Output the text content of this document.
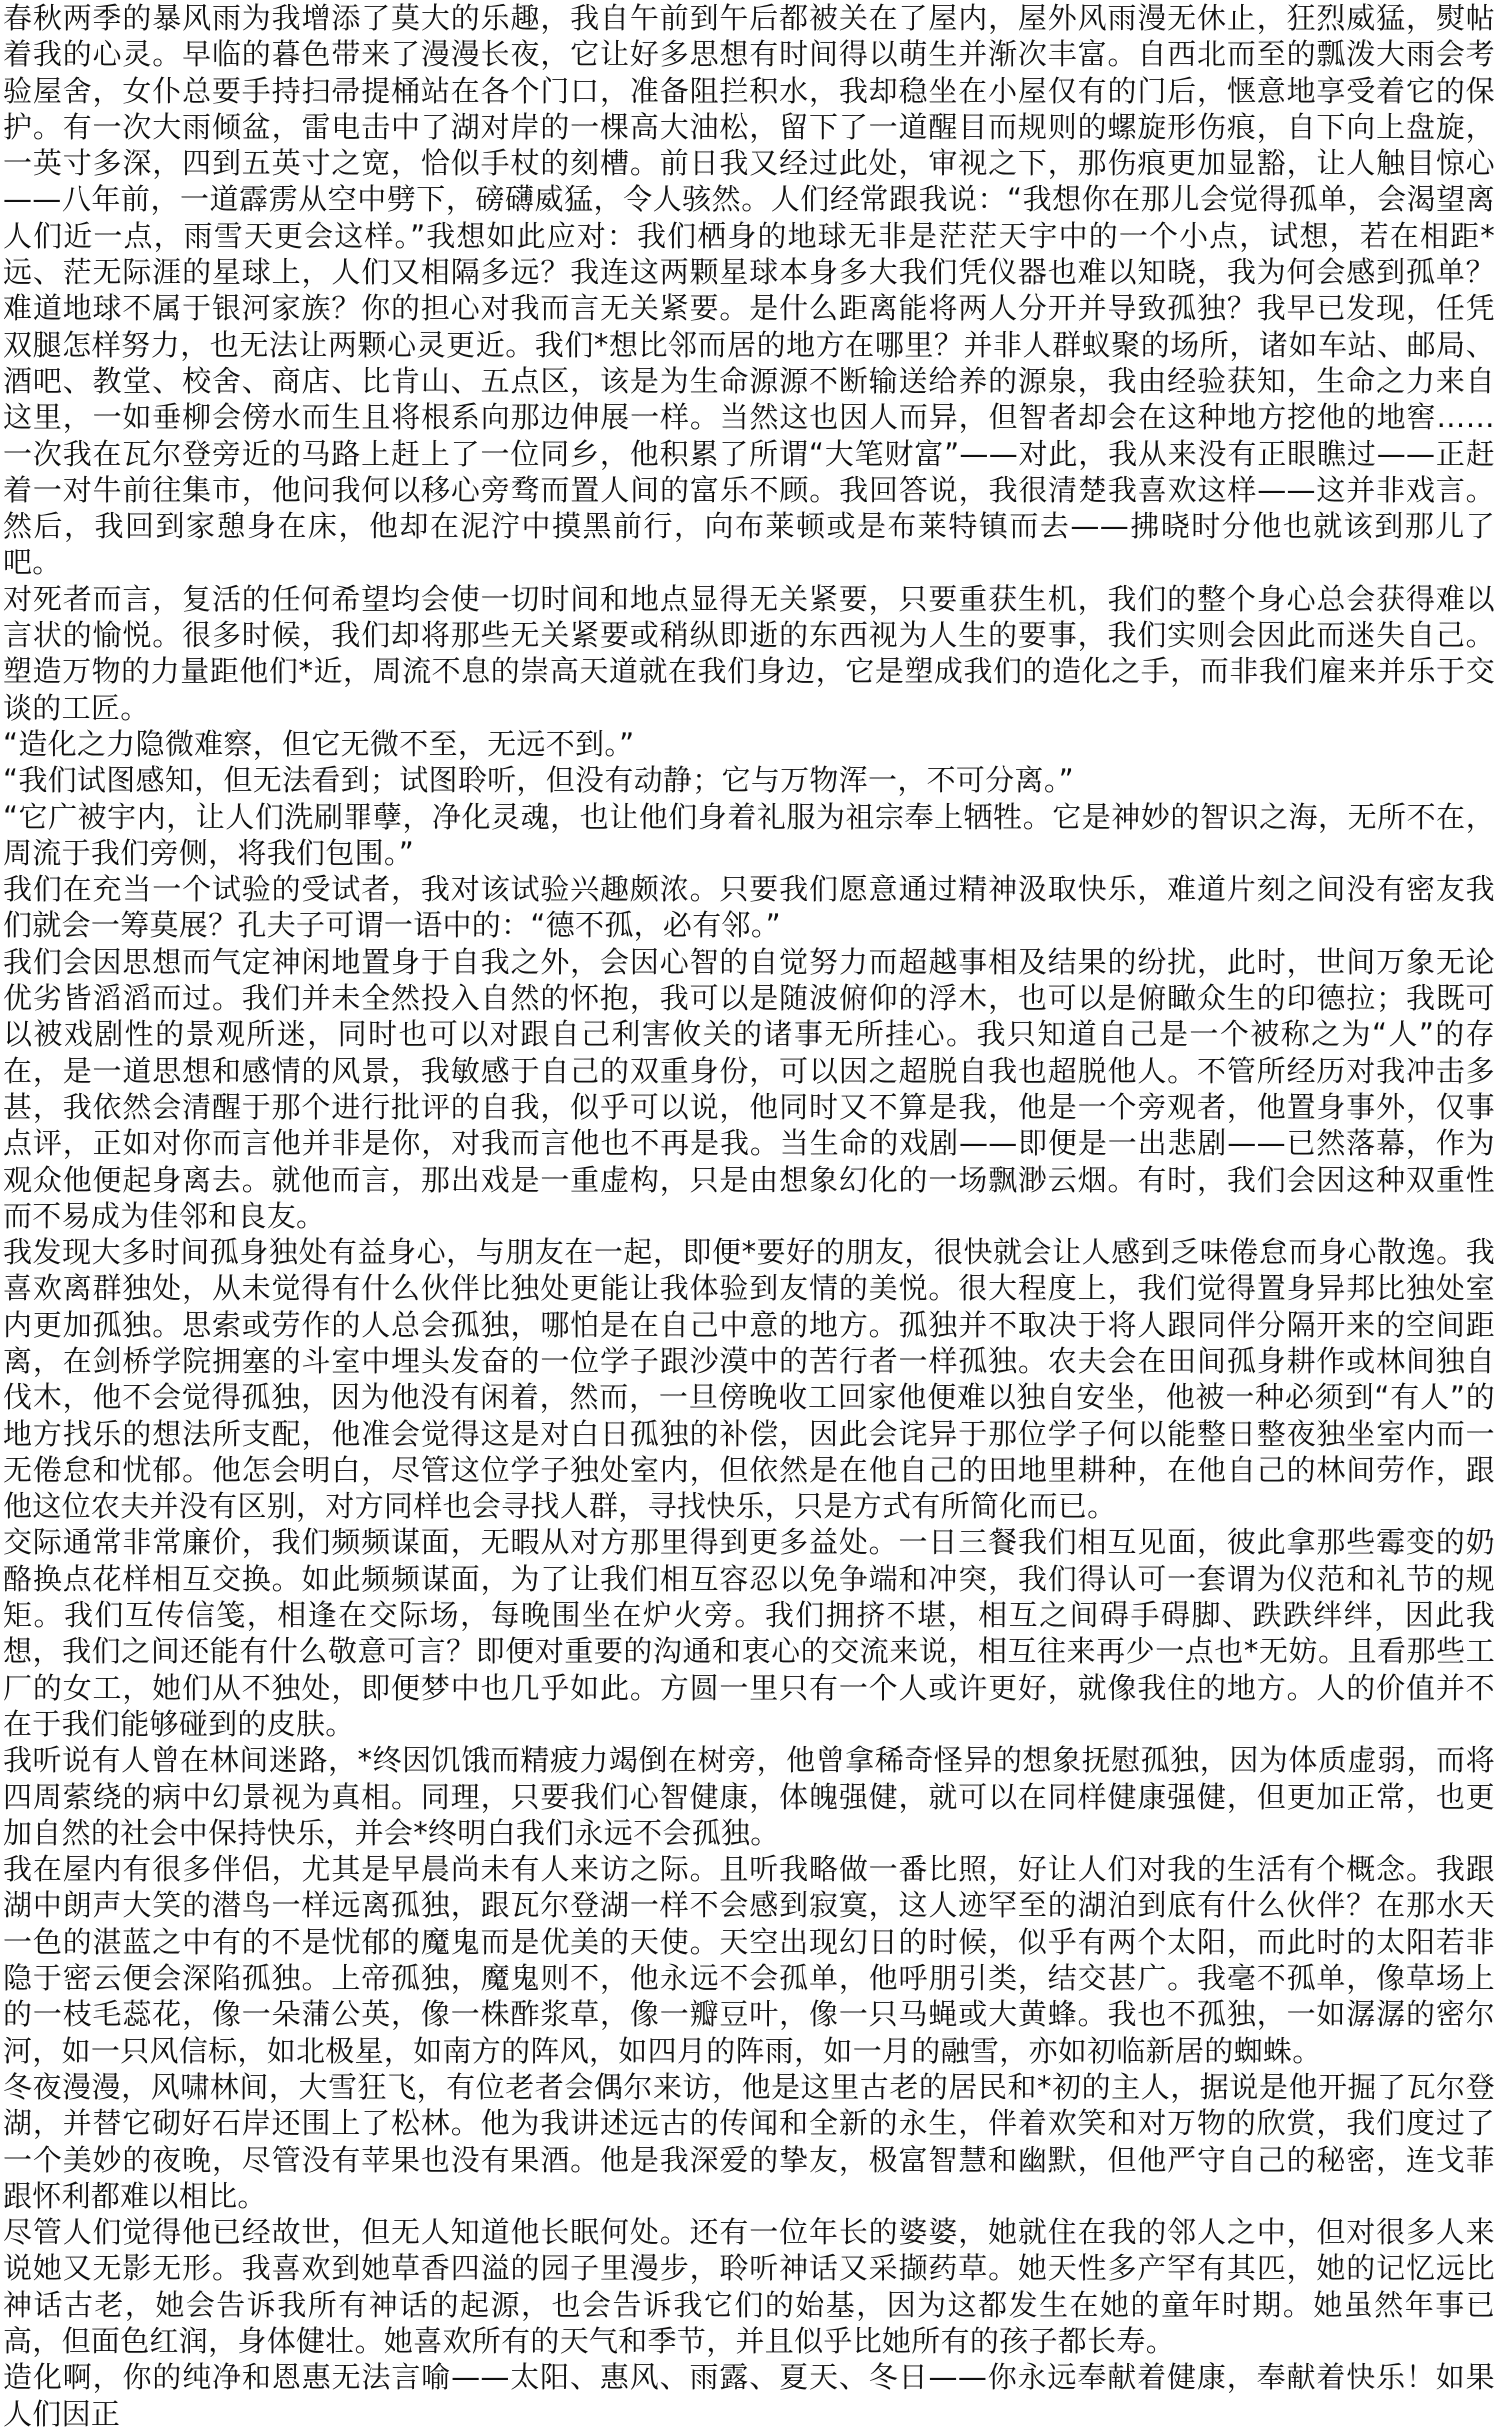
春秋两季的暴风雨为我增添了莫大的乐趣，我自午前到午后都被关在了屋内，屋外风雨漫无休止，狂烈威猛，熨帖着我的心灵。早临的暮色带来了漫漫长夜，它让好多思想有时间得以萌生并渐次丰富。自西北而至的瓢泼大雨会考验屋舍，女仆总要手持扫帚提桶站在各个门口，准备阻拦积水，我却稳坐在小屋仅有的门后，惬意地享受着它的保护。有一次大雨倾盆，雷电击中了湖对岸的一棵高大油松，留下了一道醒目而规则的螺旋形伤痕，自下向上盘旋，一英寸多深，四到五英寸之宽，恰似手杖的刻槽。前日我又经过此处，审视之下，那伤痕更加显豁，让人触目惊心——八年前，一道霹雳从空中劈下，磅礴威猛，令人骇然。人们经常跟我说：“我想你在那儿会觉得孤单，会渴望离人们近一点，雨雪天更会这样。”我想如此应对：我们栖身的地球无非是茫茫天宇中的一个小点，试想，若在相距*远、茫无际涯的星球上，人们又相隔多远？我连这两颗星球本身多大我们凭仪器也难以知晓，我为何会感到孤单？难道地球不属于银河家族？你的担心对我而言无关紧要。是什么距离能将两人分开并导致孤独？我早已发现，任凭双腿怎样努力，也无法让两颗心灵更近。我们*想比邻而居的地方在哪里？并非人群蚁聚的场所，诸如车站、邮局、酒吧、教堂、校舍、商店、比肯山、五点区，该是为生命源源不断输送给养的源泉，我由经验获知，生命之力来自这里，一如垂柳会傍水而生且将根系向那边伸展一样。当然这也因人而异，但智者却会在这种地方挖他的地窖……一次我在瓦尔登旁近的马路上赶上了一位同乡，他积累了所谓“大笔财富”——对此，我从来没有正眼瞧过——正赶着一对牛前往集市，他问我何以移心旁骛而置人间的富乐不顾。我回答说，我很清楚我喜欢这样——这并非戏言。然后，我回到家憩身在床，他却在泥泞中摸黑前行，向布莱顿或是布莱特镇而去——拂晓时分他也就该到那儿了吧。

对死者而言，复活的任何希望均会使一切时间和地点显得无关紧要，只要重获生机，我们的整个身心总会获得难以言状的愉悦。很多时候，我们却将那些无关紧要或稍纵即逝的东西视为人生的要事，我们实则会因此而迷失自己。塑造万物的力量距他们*近，周流不息的崇高天道就在我们身边，它是塑成我们的造化之手，而非我们雇来并乐于交谈的工匠。

“造化之力隐微难察，但它无微不至，无远不到。”

“我们试图感知，但无法看到；试图聆听，但没有动静；它与万物浑一，不可分离。”

“它广被宇内，让人们洗刷罪孽，净化灵魂，也让他们身着礼服为祖宗奉上牺牲。它是神妙的智识之海，无所不在，周流于我们旁侧，将我们包围。”

我们在充当一个试验的受试者，我对该试验兴趣颇浓。只要我们愿意通过精神汲取快乐，难道片刻之间没有密友我们就会一筹莫展？孔夫子可谓一语中的：“德不孤，必有邻。”

我们会因思想而气定神闲地置身于自我之外，会因心智的自觉努力而超越事相及结果的纷扰，此时，世间万象无论优劣皆滔滔而过。我们并未全然投入自然的怀抱，我可以是随波俯仰的浮木，也可以是俯瞰众生的印德拉；我既可以被戏剧性的景观所迷，同时也可以对跟自己利害攸关的诸事无所挂心。我只知道自己是一个被称之为“人”的存在，是一道思想和感情的风景，我敏感于自己的双重身份，可以因之超脱自我也超脱他人。不管所经历对我冲击多甚，我依然会清醒于那个进行批评的自我，似乎可以说，他同时又不算是我，他是一个旁观者，他置身事外，仅事点评，正如对你而言他并非是你，对我而言他也不再是我。当生命的戏剧——即便是一出悲剧——已然落幕，作为观众他便起身离去。就他而言，那出戏是一重虚构，只是由想象幻化的一场飘渺云烟。有时，我们会因这种双重性而不易成为佳邻和良友。

我发现大多时间孤身独处有益身心，与朋友在一起，即便*要好的朋友，很快就会让人感到乏味倦怠而身心散逸。我喜欢离群独处，从未觉得有什么伙伴比独处更能让我体验到友情的美悦。很大程度上，我们觉得置身异邦比独处室内更加孤独。思索或劳作的人总会孤独，哪怕是在自己中意的地方。孤独并不取决于将人跟同伴分隔开来的空间距离，在剑桥学院拥塞的斗室中埋头发奋的一位学子跟沙漠中的苦行者一样孤独。农夫会在田间孤身耕作或林间独自伐木，他不会觉得孤独，因为他没有闲着，然而，一旦傍晚收工回家他便难以独自安坐，他被一种必须到“有人”的地方找乐的想法所支配，他准会觉得这是对白日孤独的补偿，因此会诧异于那位学子何以能整日整夜独坐室内而一无倦怠和忧郁。他怎会明白，尽管这位学子独处室内，但依然是在他自己的田地里耕种，在他自己的林间劳作，跟他这位农夫并没有区别，对方同样也会寻找人群，寻找快乐，只是方式有所简化而已。

交际通常非常廉价，我们频频谋面，无暇从对方那里得到更多益处。一日三餐我们相互见面，彼此拿那些霉变的奶酪换点花样相互交换。如此频频谋面，为了让我们相互容忍以免争端和冲突，我们得认可一套谓为仪范和礼节的规矩。我们互传信笺，相逢在交际场，每晚围坐在炉火旁。我们拥挤不堪，相互之间碍手碍脚、跌跌绊绊，因此我想，我们之间还能有什么敬意可言？即便对重要的沟通和衷心的交流来说，相互往来再少一点也*无妨。且看那些工厂的女工，她们从不独处，即便梦中也几乎如此。方圆一里只有一个人或许更好，就像我住的地方。人的价值并不在于我们能够碰到的皮肤。

我听说有人曾在林间迷路，*终因饥饿而精疲力竭倒在树旁，他曾拿稀奇怪异的想象抚慰孤独，因为体质虚弱，而将四周萦绕的病中幻景视为真相。同理，只要我们心智健康，体魄强健，就可以在同样健康强健，但更加正常，也更加自然的社会中保持快乐，并会*终明白我们永远不会孤独。

我在屋内有很多伴侣，尤其是早晨尚未有人来访之际。且听我略做一番比照，好让人们对我的生活有个概念。我跟湖中朗声大笑的潜鸟一样远离孤独，跟瓦尔登湖一样不会感到寂寞，这人迹罕至的湖泊到底有什么伙伴？在那水天一色的湛蓝之中有的不是忧郁的魔鬼而是优美的天使。天空出现幻日的时候，似乎有两个太阳，而此时的太阳若非隐于密云便会深陷孤独。上帝孤独，魔鬼则不，他永远不会孤单，他呼朋引类，结交甚广。我毫不孤单，像草场上的一枝毛蕊花，像一朵蒲公英，像一株酢浆草，像一瓣豆叶，像一只马蝇或大黄蜂。我也不孤独，一如潺潺的密尔河，如一只风信标，如北极星，如南方的阵风，如四月的阵雨，如一月的融雪，亦如初临新居的蜘蛛。

冬夜漫漫，风啸林间，大雪狂飞，有位老者会偶尔来访，他是这里古老的居民和*初的主人，据说是他开掘了瓦尔登湖，并替它砌好石岸还围上了松林。他为我讲述远古的传闻和全新的永生，伴着欢笑和对万物的欣赏，我们度过了一个美妙的夜晚，尽管没有苹果也没有果酒。他是我深爱的挚友，极富智慧和幽默，但他严守自己的秘密，连戈菲跟怀利都难以相比。

尽管人们觉得他已经故世，但无人知道他长眠何处。还有一位年长的婆婆，她就住在我的邻人之中，但对很多人来说她又无影无形。我喜欢到她草香四溢的园子里漫步，聆听神话又采撷药草。她天性多产罕有其匹，她的记忆远比神话古老，她会告诉我所有神话的起源，也会告诉我它们的始基，因为这都发生在她的童年时期。她虽然年事已高，但面色红润，身体健壮。她喜欢所有的天气和季节，并且似乎比她所有的孩子都长寿。

造化啊，你的纯净和恩惠无法言喻——太阳、惠风、雨露、夏天、冬日——你永远奉献着健康，奉献着快乐！如果人们因正
